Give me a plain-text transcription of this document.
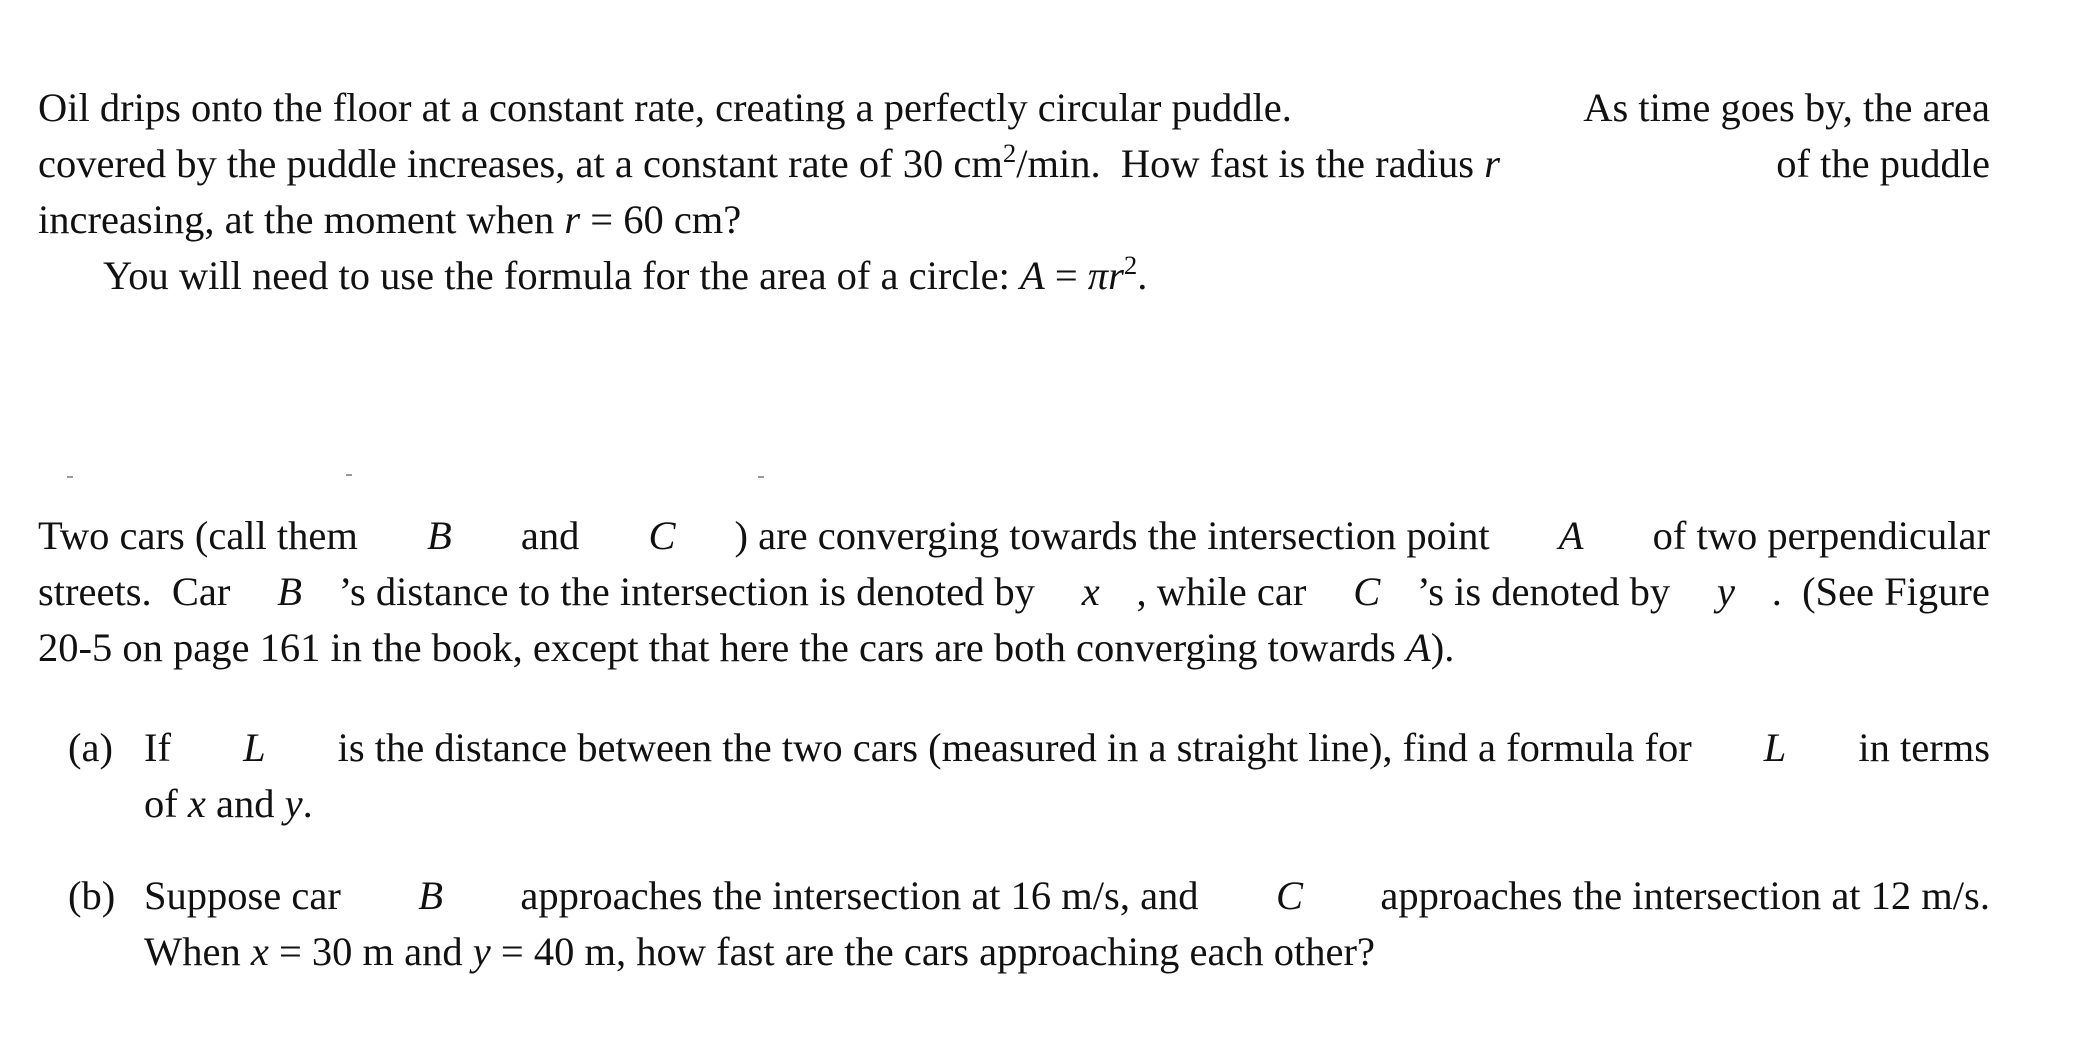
Oil drips onto the floor at a constant rate, creating a perfectly circular puddle.	As time goes by, the area
covered by the puddle increases, at a constant rate of 30 $cm^2/\min$.  How fast is the radius r	of the puddle
increasing, at the moment when r = 60 cm?
You will need to use the formula for the area of a circle: $A = \pi r^2$.
Two cars (call them B and C ) are converging towards the intersection point A of two perpendicular
streets.  Car B ’s distance to the intersection is denoted by x , while car C ’s is denoted by y .  (See Figure
20-5 on page 161 in the book, except that here the cars are both converging towards A).
(a) If L is the distance between the two cars (measured in a straight line), find a formula for L in terms
of x and y.
(b) Suppose car B approaches the intersection at 16 m/s, and C approaches the intersection at 12 m/s.
When x = 30 m and y = 40 m, how fast are the cars approaching each other?
